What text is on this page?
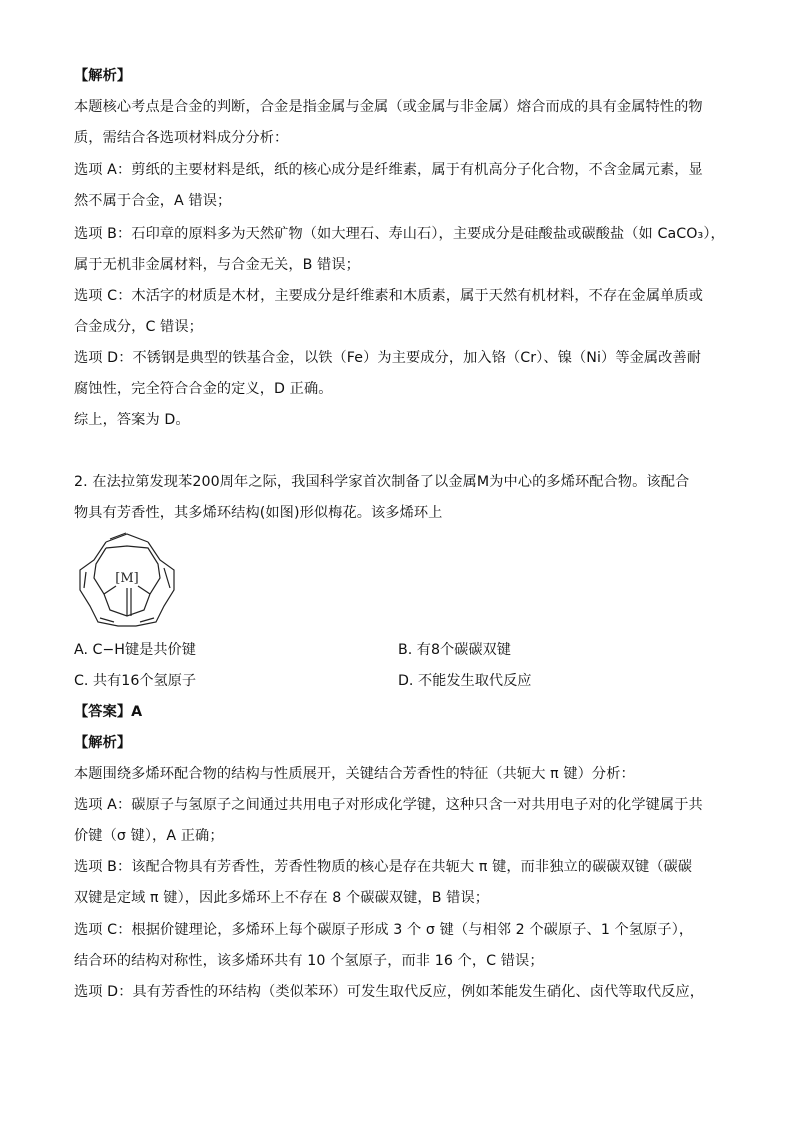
【解析】
本题核心考点是合金的判断，合金是指金属与金属（或金属与非金属）熔合而成的具有金属特性的物
质，需结合各选项材料成分分析：
选项 A：剪纸的主要材料是纸，纸的核心成分是纤维素，属于有机高分子化合物，不含金属元素，显
然不属于合金，A 错误；
选项 B：石印章的原料多为天然矿物（如大理石、寿山石），主要成分是硅酸盐或碳酸盐（如 CaCO₃），
属于无机非金属材料，与合金无关，B 错误；
选项 C：木活字的材质是木材，主要成分是纤维素和木质素，属于天然有机材料，不存在金属单质或
合金成分，C 错误；
选项 D：不锈钢是典型的铁基合金，以铁（Fe）为主要成分，加入铬（Cr）、镍（Ni）等金属改善耐
腐蚀性，完全符合合金的定义，D 正确。
综上，答案为 D。
2. 在法拉第发现苯200周年之际，我国科学家首次制备了以金属M为中心的多烯环配合物。该配合
物具有芳香性，其多烯环结构(如图)形似梅花。该多烯环上
[M]
A. C−H键是共价键	B. 有8个碳碳双键
C. 共有16个氢原子	D. 不能发生取代反应
【答案】A
【解析】
本题围绕多烯环配合物的结构与性质展开，关键结合芳香性的特征（共轭大 π 键）分析：
选项 A：碳原子与氢原子之间通过共用电子对形成化学键，这种只含一对共用电子对的化学键属于共
价键（σ 键），A 正确；
选项 B：该配合物具有芳香性，芳香性物质的核心是存在共轭大 π 键，而非独立的碳碳双键（碳碳
双键是定域 π 键），因此多烯环上不存在 8 个碳碳双键，B 错误；
选项 C：根据价键理论，多烯环上每个碳原子形成 3 个 σ 键（与相邻 2 个碳原子、1 个氢原子），
结合环的结构对称性，该多烯环共有 10 个氢原子，而非 16 个，C 错误；
选项 D：具有芳香性的环结构（类似苯环）可发生取代反应，例如苯能发生硝化、卤代等取代反应，
